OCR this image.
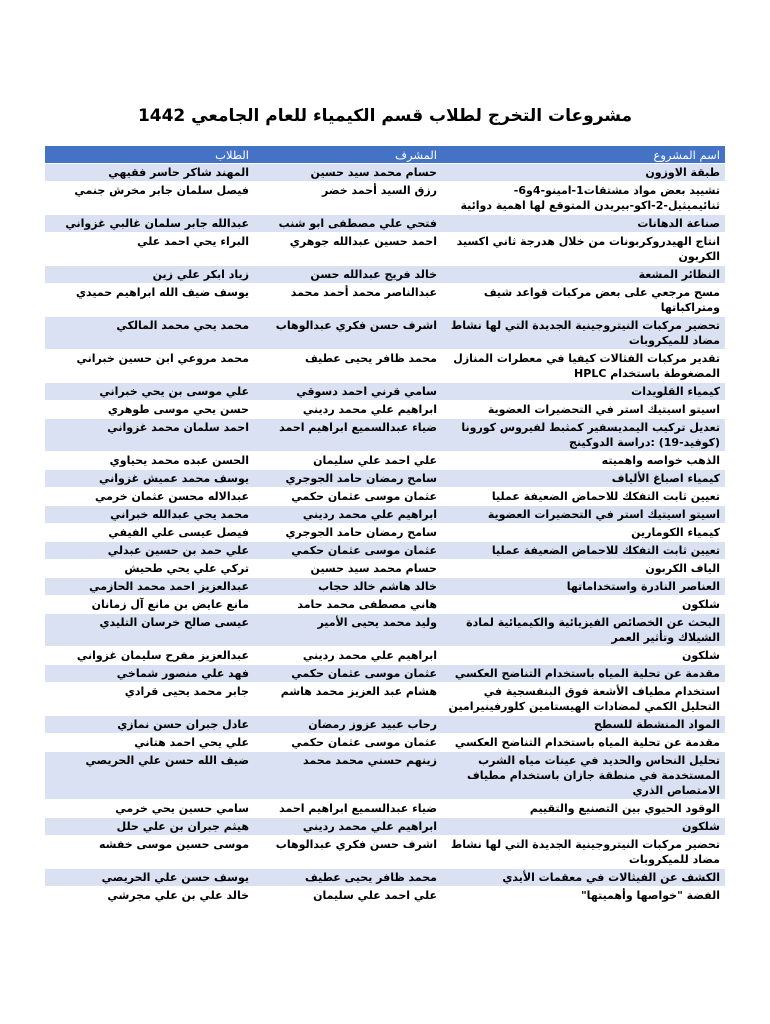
مشروعات التخرج لطلاب قسم الكيمياء للعام الجامعي 1442
اسم المشروع	المشرف	الطلاب
طبقة الاوزون	حسام محمد سيد حسين	المهند شاكر حاسر فقيهي
تشييد بعض مواد مشتقات1-امينو-4و6-ثنائيميثيل-2-اكو-بيريدن المتوقع لها اهمية دوائية	رزق السيد أحمد خضر	فيصل سلمان جابر مخرش جنمي
صناعة الدهانات	فتحي علي مصطفى ابو شنب	عبدالله جابر سلمان غالبي غزواني
انتاج الهيدروكربونات من خلال هدرجة ثاني اكسيد الكربون	احمد حسين عبدالله جوهري	البراء يحي احمد علي
النظائر المشعة	خالد فريج عبدالله حسن	زياد ابكر علي زين
مسح مرجعي على بعض مركبات قواعد شيف ومتراكباتها	عبدالناصر محمد أحمد محمد	يوسف ضيف الله ابراهيم حميدي
تحضير مركبات النيتروجينية الجديدة التي لها نشاط مضاد للميكروبات	اشرف حسن فكري عبدالوهاب	محمد يحي محمد المالكي
تقدير مركبات الفثالات كيفيا في معطرات المنازل المضغوطة باستخدام HPLC	محمد ظافر يحيى عطيف	محمد مروعي ابن حسين خبراني
كيمياء القلويدات	سامي قرني احمد دسوقي	علي موسى بن يحي خبراني
اسيتو اسيتيك استر في التحضيرات العضوية	ابراهيم علي محمد رديني	حسن يحي موسى طوهري
تعديل تركيب اليمديسفير كمثبط لفيروس كورونا (كوفيد-19) :دراسة الدوكينج	ضياء عبدالسميع ابراهيم احمد	احمد سلمان محمد غزواني
الذهب خواصه واهميته	علي احمد علي سليمان	الحسن عبده محمد يحياوي
كيمياء اصباغ الألياف	سامح رمضان حامد الجوجري	يوسف محمد عميش غزواني
تعيين ثابت التفكك للاحماض الضعيفة عمليا	عثمان موسى عثمان حكمي	عبدالاله محسن عثمان خرمي
اسيتو اسيتيك استر في التحضيرات العضوية	ابراهيم علي محمد رديني	محمد يحي عبدالله خبراني
كيمياء الكومارين	سامح رمضان حامد الجوجري	فيصل عيسى علي الفيفي
تعيين ثابت التفكك للاحماض الضعيفة عمليا	عثمان موسى عثمان حكمي	علي حمد بن حسين عبدلي
الياف الكربون	حسام محمد سيد حسين	تركي علي يحي طحيش
العناصر النادرة واستخداماتها	خالد هاشم خالد حجاب	عبدالعزيز احمد محمد الحازمي
شلكون	هاني مصطفى محمد حامد	مانع عايض بن مانع آل زمانان
البحث عن الخصائص الفيزيائية والكيميائية لمادة الشيلاك وتأثير العمر	وليد محمد يحيى الأمير	عيسى صالح خرسان التليدي
شلكون	ابراهيم علي محمد رديني	عبدالعزيز مفرح سليمان غزواني
مقدمة عن تحلية المياه باستخدام التناضح العكسي	عثمان موسى عثمان حكمي	فهد علي منصور شماخي
استخدام مطياف الأشعة فوق البنفسجية في التحليل الكمي لمضادات الهيستامين كلورفينيرامين	هشام عبد العزيز محمد هاشم	جابر محمد يحيى قرادي
المواد المنشطة للسطح	رحاب عبيد عزوز رمضان	عادل جبران حسن نمازي
مقدمة عن تحلية المياه باستخدام التناضح العكسي	عثمان موسى عثمان حكمي	علي يحي احمد هتاني
تحليل النحاس والحديد في عينات مياه الشرب المستخدمة في منطقة جازان باستخدام مطياف الامتصاص الذري	زينهم حسني محمد محمد	ضيف الله حسن علي الحريصي
الوقود الحيوي بين التصنيع والتقييم	ضياء عبدالسميع ابراهيم احمد	سامي حسين يحي خرمي
شلكون	ابراهيم علي محمد رديني	هيثم جبران بن علي حلل
تحضير مركبات النيتروجينية الجديدة التي لها نشاط مضاد للميكروبات	اشرف حسن فكري عبدالوهاب	موسى حسين موسى خفشه
الكشف عن الفيثالات في معقمات الأيدي	محمد ظافر يحيى عطيف	يوسف حسن علي الحريصي
الفضة "خواصها وأهميتها"	علي احمد علي سليمان	خالد علي بن علي مجرشي
